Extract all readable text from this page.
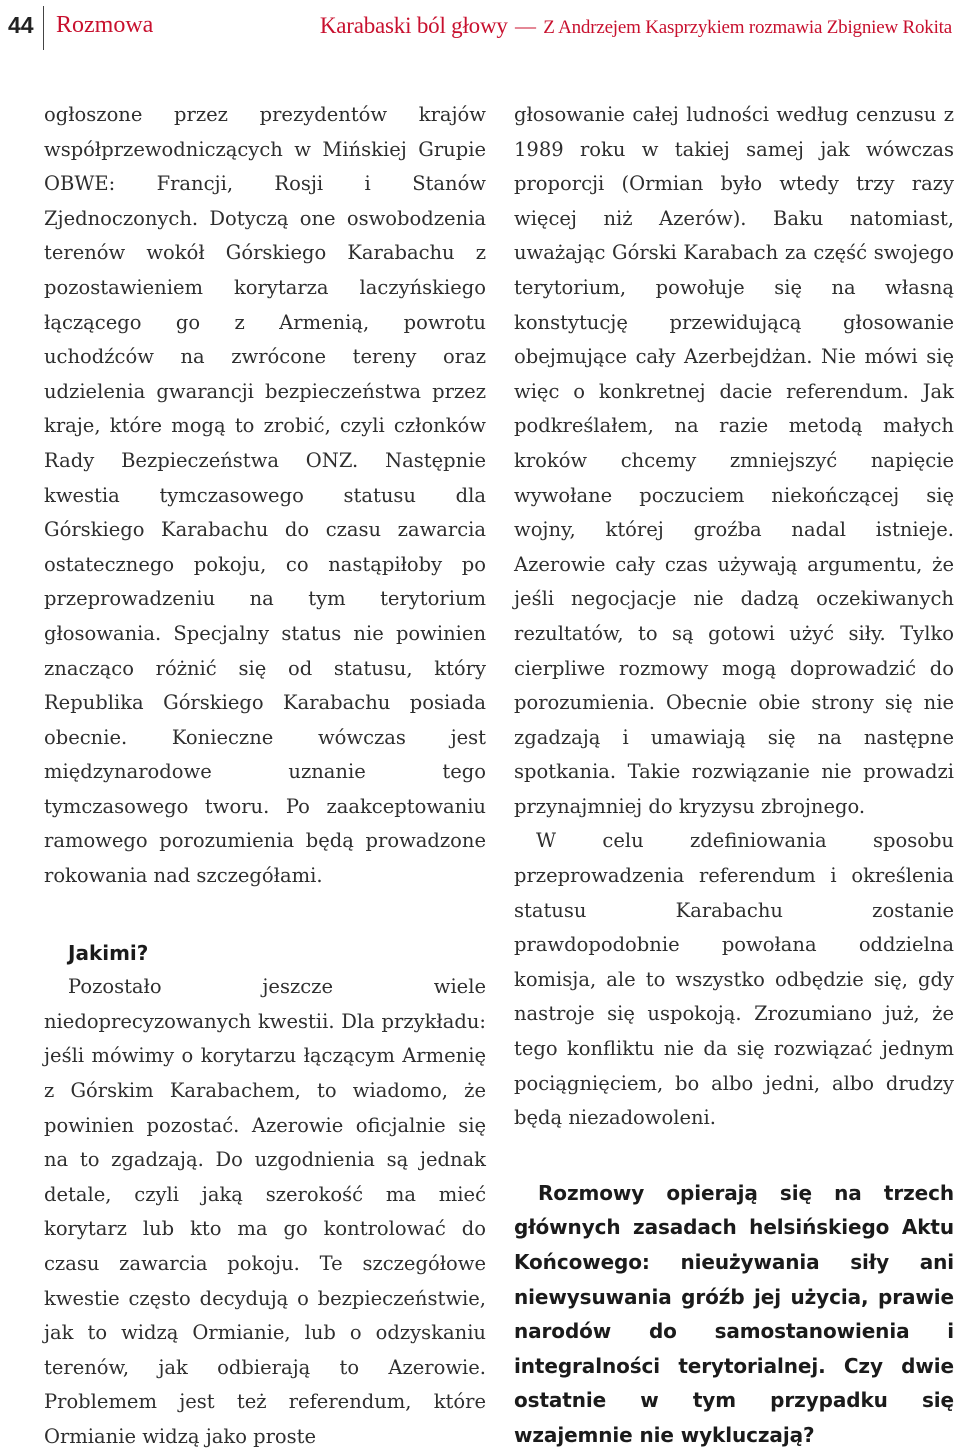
44 Rozmowa	Karabaski ból głowy — Z Andrzejem Kasprzykiem rozmawia Zbigniew Rokita

ogłoszone przez prezydentów krajów współprzewodniczących w Mińskiej Grupie OBWE: Francji, Rosji i Stanów Zjednoczonych. Dotyczą one oswobodzenia terenów wokół Górskiego Karabachu z pozostawieniem korytarza laczyńskiego łączącego go z Armenią, powrotu uchodźców na zwrócone tereny oraz udzielenia gwarancji bezpieczeństwa przez kraje, które mogą to zrobić, czyli członków Rady Bezpieczeństwa ONZ. Następnie kwestia tymczasowego statusu dla Górskiego Karabachu do czasu zawarcia ostatecznego pokoju, co nastąpiłoby po przeprowadzeniu na tym terytorium głosowania. Specjalny status nie powinien znacząco różnić się od statusu, który Republika Górskiego Karabachu posiada obecnie. Konieczne wówczas jest międzynarodowe uznanie tego tymczasowego tworu. Po zaakceptowaniu ramowego porozumienia będą prowadzone rokowania nad szczegółami.

Jakimi?

Pozostało jeszcze wiele niedoprecyzowanych kwestii. Dla przykładu: jeśli mówimy o korytarzu łączącym Armenię z Górskim Karabachem, to wiadomo, że powinien pozostać. Azerowie oficjalnie się na to zgadzają. Do uzgodnienia są jednak detale, czyli jaką szerokość ma mieć korytarz lub kto ma go kontrolować do czasu zawarcia pokoju. Te szczegółowe kwestie często decydują o bezpieczeństwie, jak to widzą Ormianie, lub o odzyskaniu terenów, jak odbierają to Azerowie. Problemem jest też referendum, które Ormianie widzą jako proste

głosowanie całej ludności według cenzusu z 1989 roku w takiej samej jak wówczas proporcji (Ormian było wtedy trzy razy więcej niż Azerów). Baku natomiast, uważając Górski Karabach za część swojego terytorium, powołuje się na własną konstytucję przewidującą głosowanie obejmujące cały Azerbejdżan. Nie mówi się więc o konkretnej dacie referendum. Jak podkreślałem, na razie metodą małych kroków chcemy zmniejszyć napięcie wywołane poczuciem niekończącej się wojny, której groźba nadal istnieje. Azerowie cały czas używają argumentu, że jeśli negocjacje nie dadzą oczekiwanych rezultatów, to są gotowi użyć siły. Tylko cierpliwe rozmowy mogą doprowadzić do porozumienia. Obecnie obie strony się nie zgadzają i umawiają się na następne spotkania. Takie rozwiązanie nie prowadzi przynajmniej do kryzysu zbrojnego.

W celu zdefiniowania sposobu przeprowadzenia referendum i określenia statusu Karabachu zostanie prawdopodobnie powołana oddzielna komisja, ale to wszystko odbędzie się, gdy nastroje się uspokoją. Zrozumiano już, że tego konfliktu nie da się rozwiązać jednym pociągnięciem, bo albo jedni, albo drudzy będą niezadowoleni.

Rozmowy opierają się na trzech głównych zasadach helsińskiego Aktu Końcowego: nieużywania siły ani niewysuwania gróźb jej użycia, prawie narodów do samostanowienia i integralności terytorialnej. Czy dwie ostatnie w tym przypadku się wzajemnie nie wykluczają?
